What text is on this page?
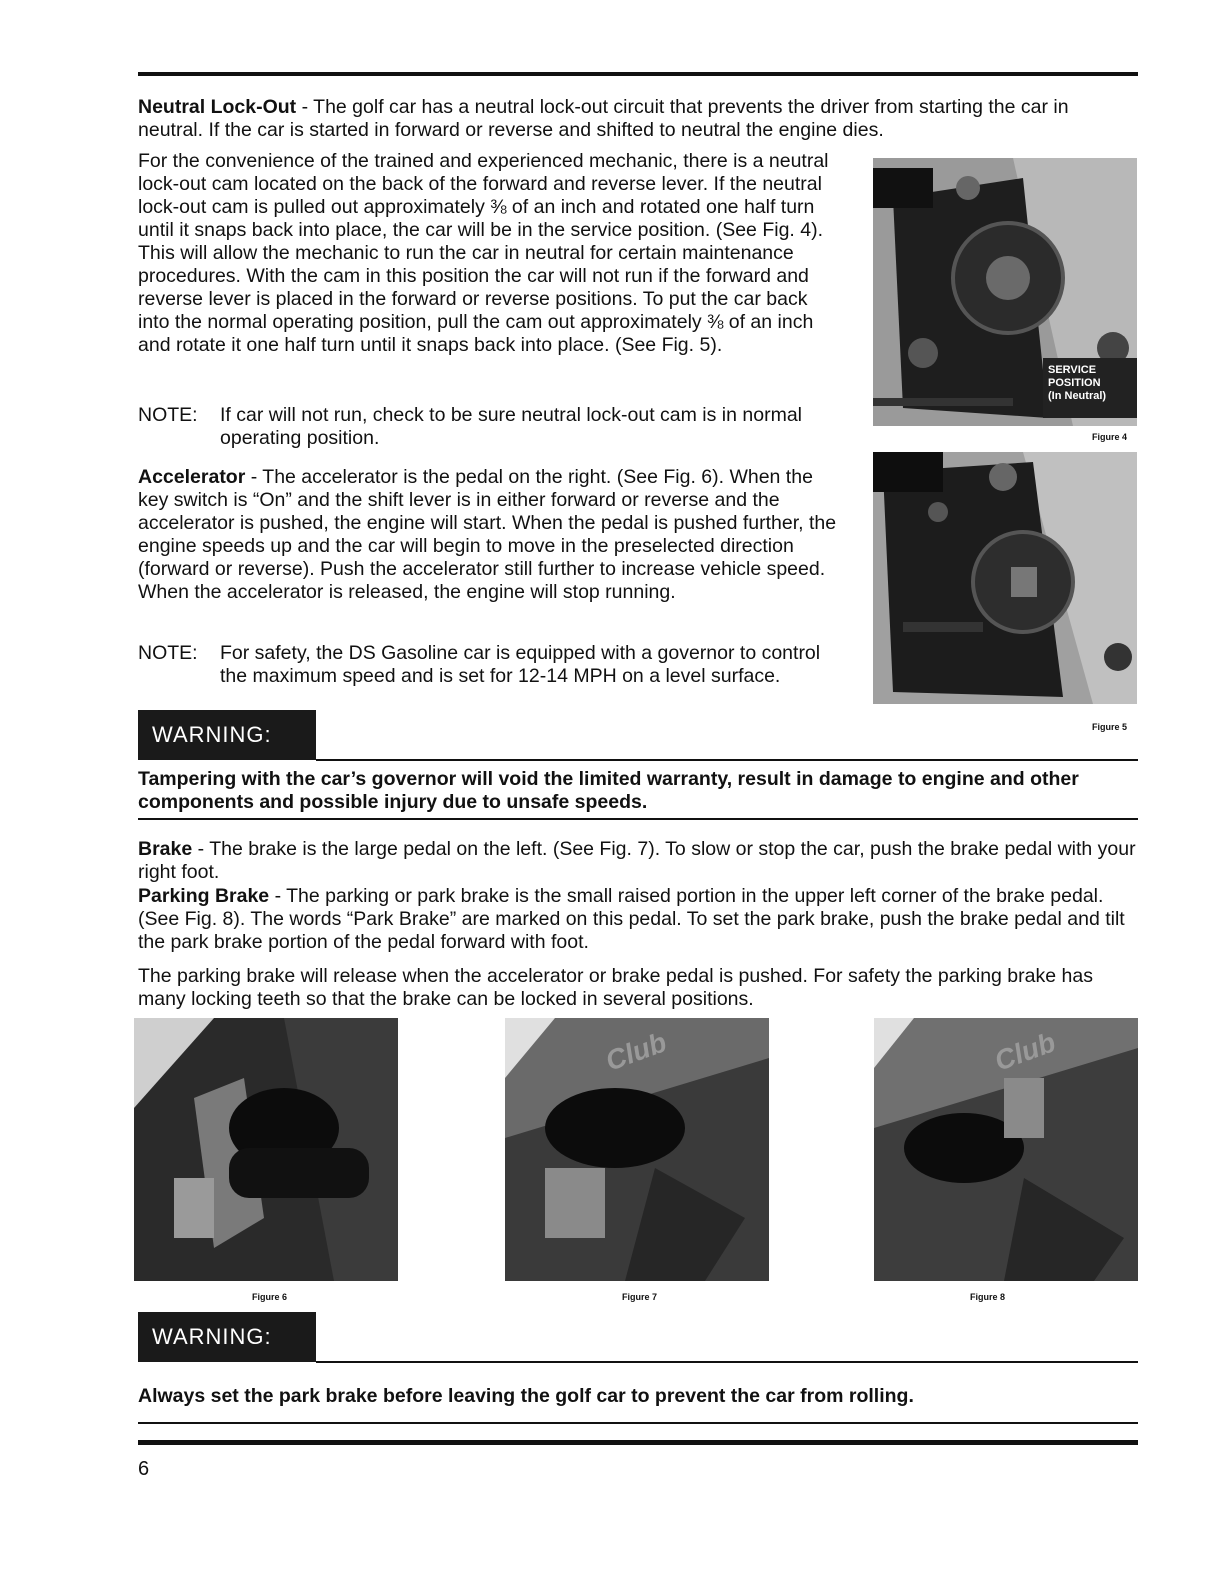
Neutral Lock-Out - The golf car has a neutral lock-out circuit that prevents the driver from starting the car in neutral. If the car is started in forward or reverse and shifted to neutral the engine dies.

For the convenience of the trained and experienced mechanic, there is a neutral lock-out cam located on the back of the forward and reverse lever. If the neutral lock-out cam is pulled out approximately ⅜ of an inch and rotated one half turn until it snaps back into place, the car will be in the service position. (See Fig. 4). This will allow the mechanic to run the car in neutral for certain maintenance procedures. With the cam in this position the car will not run if the forward and reverse lever is placed in the forward or reverse positions. To put the car back into the normal operating position, pull the cam out approximately ⅜ of an inch and rotate it one half turn until it snaps back into place. (See Fig. 5).

NOTE: If car will not run, check to be sure neutral lock-out cam is in normal operating position.
Accelerator - The accelerator is the pedal on the right. (See Fig. 6). When the key switch is “On” and the shift lever is in either forward or reverse and the accelerator is pushed, the engine will start. When the pedal is pushed further, the engine speeds up and the car will begin to move in the preselected direction (forward or reverse). Push the accelerator still further to increase vehicle speed. When the accelerator is released, the engine will stop running.
NOTE: For safety, the DS Gasoline car is equipped with a governor to control the maximum speed and is set for 12-14 MPH on a level surface.
SERVICE
POSITION
(In Neutral)
Figure 4
Figure 5
WARNING:

Tampering with the car’s governor will void the limited warranty, result in damage to engine and other components and possible injury due to unsafe speeds.

Brake - The brake is the large pedal on the left. (See Fig. 7). To slow or stop the car, push the brake pedal with your right foot.
Parking Brake - The parking or park brake is the small raised portion in the upper left corner of the brake pedal. (See Fig. 8). The words “Park Brake” are marked on this pedal. To set the park brake, push the brake pedal and tilt the park brake portion of the pedal forward with foot.

The parking brake will release when the accelerator or brake pedal is pushed. For safety the parking brake has many locking teeth so that the brake can be locked in several positions.

Figure 6
Club
Figure 7
Club
Figure 8
WARNING:

Always set the park brake before leaving the golf car to prevent the car from rolling.

6
